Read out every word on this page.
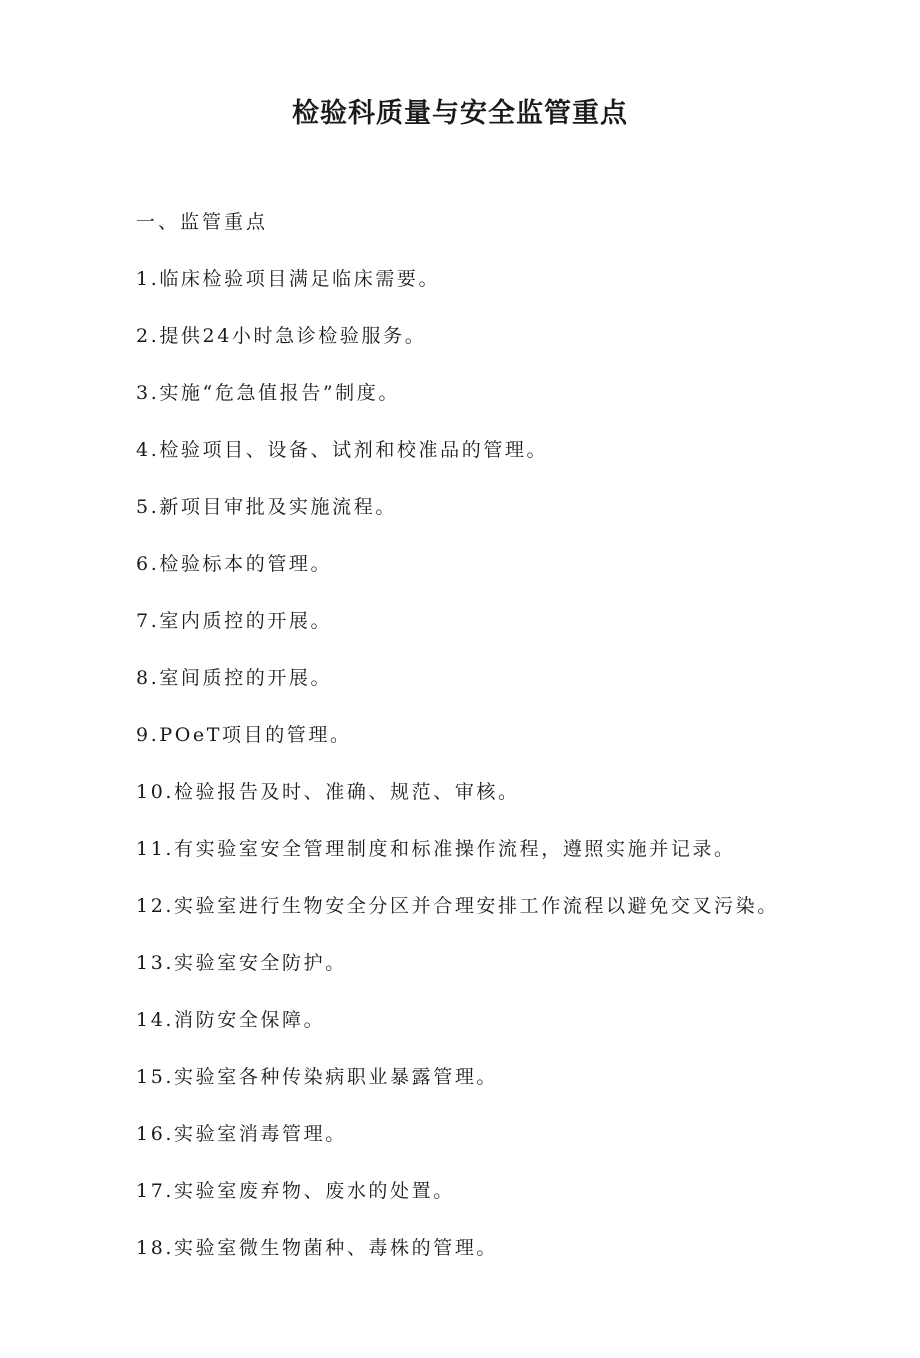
检验科质量与安全监管重点

一、监管重点

1.临床检验项目满足临床需要。
2.提供24小时急诊检验服务。
3.实施“危急值报告”制度。
4.检验项目、设备、试剂和校准品的管理。
5.新项目审批及实施流程。
6.检验标本的管理。
7.室内质控的开展。
8.室间质控的开展。
9.POeT项目的管理。
10.检验报告及时、准确、规范、审核。
11.有实验室安全管理制度和标准操作流程，遵照实施并记录。
12.实验室进行生物安全分区并合理安排工作流程以避免交叉污染。
13.实验室安全防护。
14.消防安全保障。
15.实验室各种传染病职业暴露管理。
16.实验室消毒管理。
17.实验室废弃物、废水的处置。
18.实验室微生物菌种、毒株的管理。
